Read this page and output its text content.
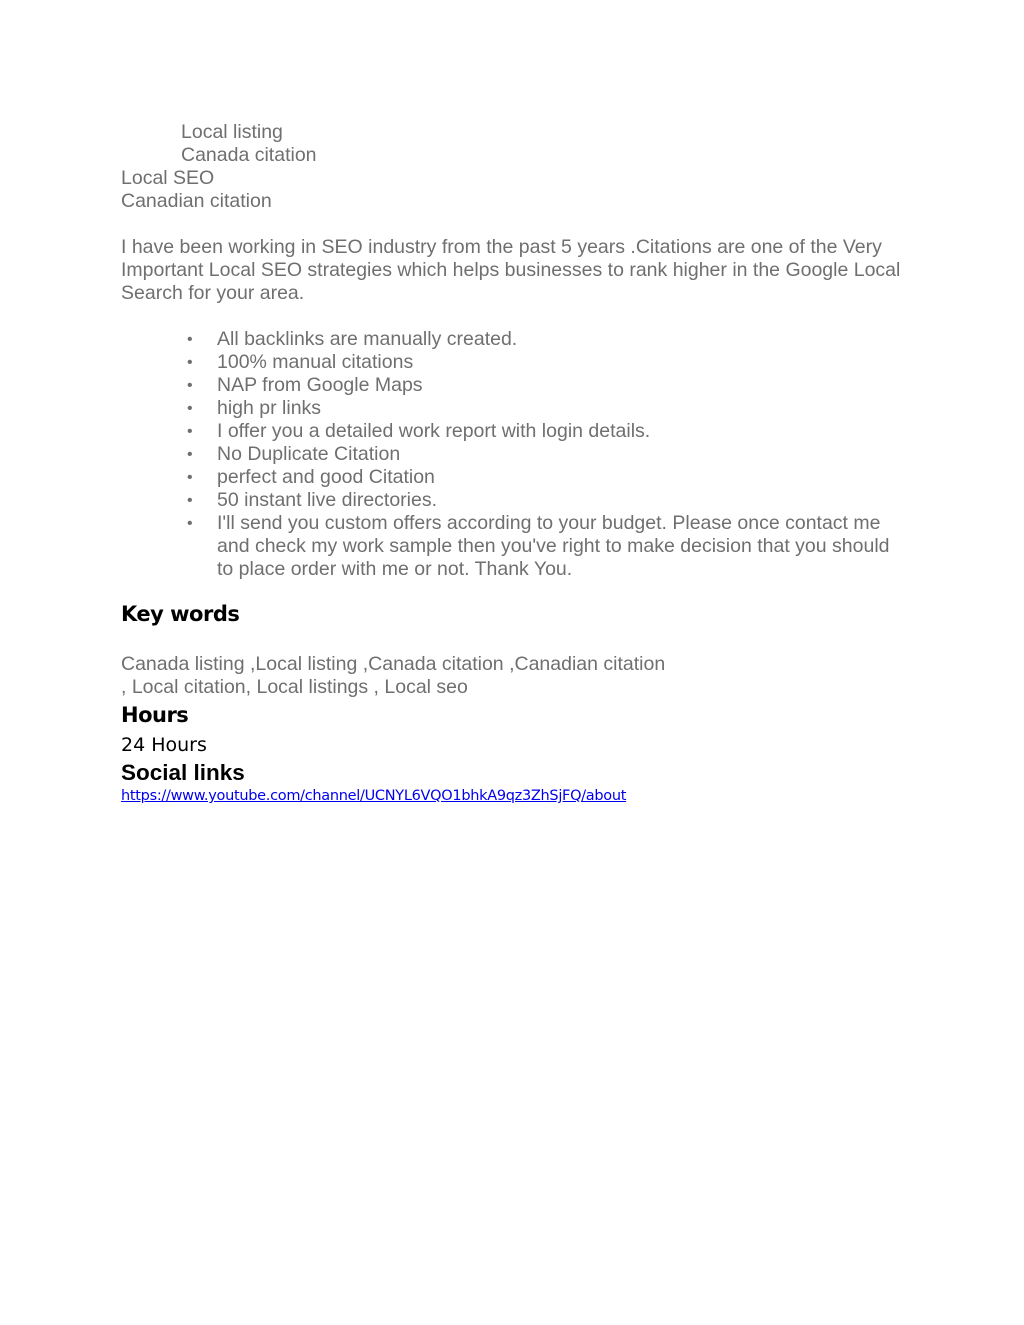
Local listing
Canada citation
Local SEO
Canadian citation
I have been working in SEO industry from the past 5 years .Citations are one of the Very Important Local SEO strategies which helps businesses to rank higher in the Google Local Search for your area.
• All backlinks are manually created.
• 100% manual citations
• NAP from Google Maps
• high pr links
• I offer you a detailed work report with login details.
• No Duplicate Citation
• perfect and good Citation
• 50 instant live directories.
• I'll send you custom offers according to your budget. Please once contact me and check my work sample then you've right to make decision that you should to place order with me or not. Thank You.
Key words
Canada listing ,Local listing ,Canada citation ,Canadian citation
, Local citation, Local listings , Local seo
Hours
24 Hours
Social links
https://www.youtube.com/channel/UCNYL6VQO1bhkA9qz3ZhSjFQ/about
